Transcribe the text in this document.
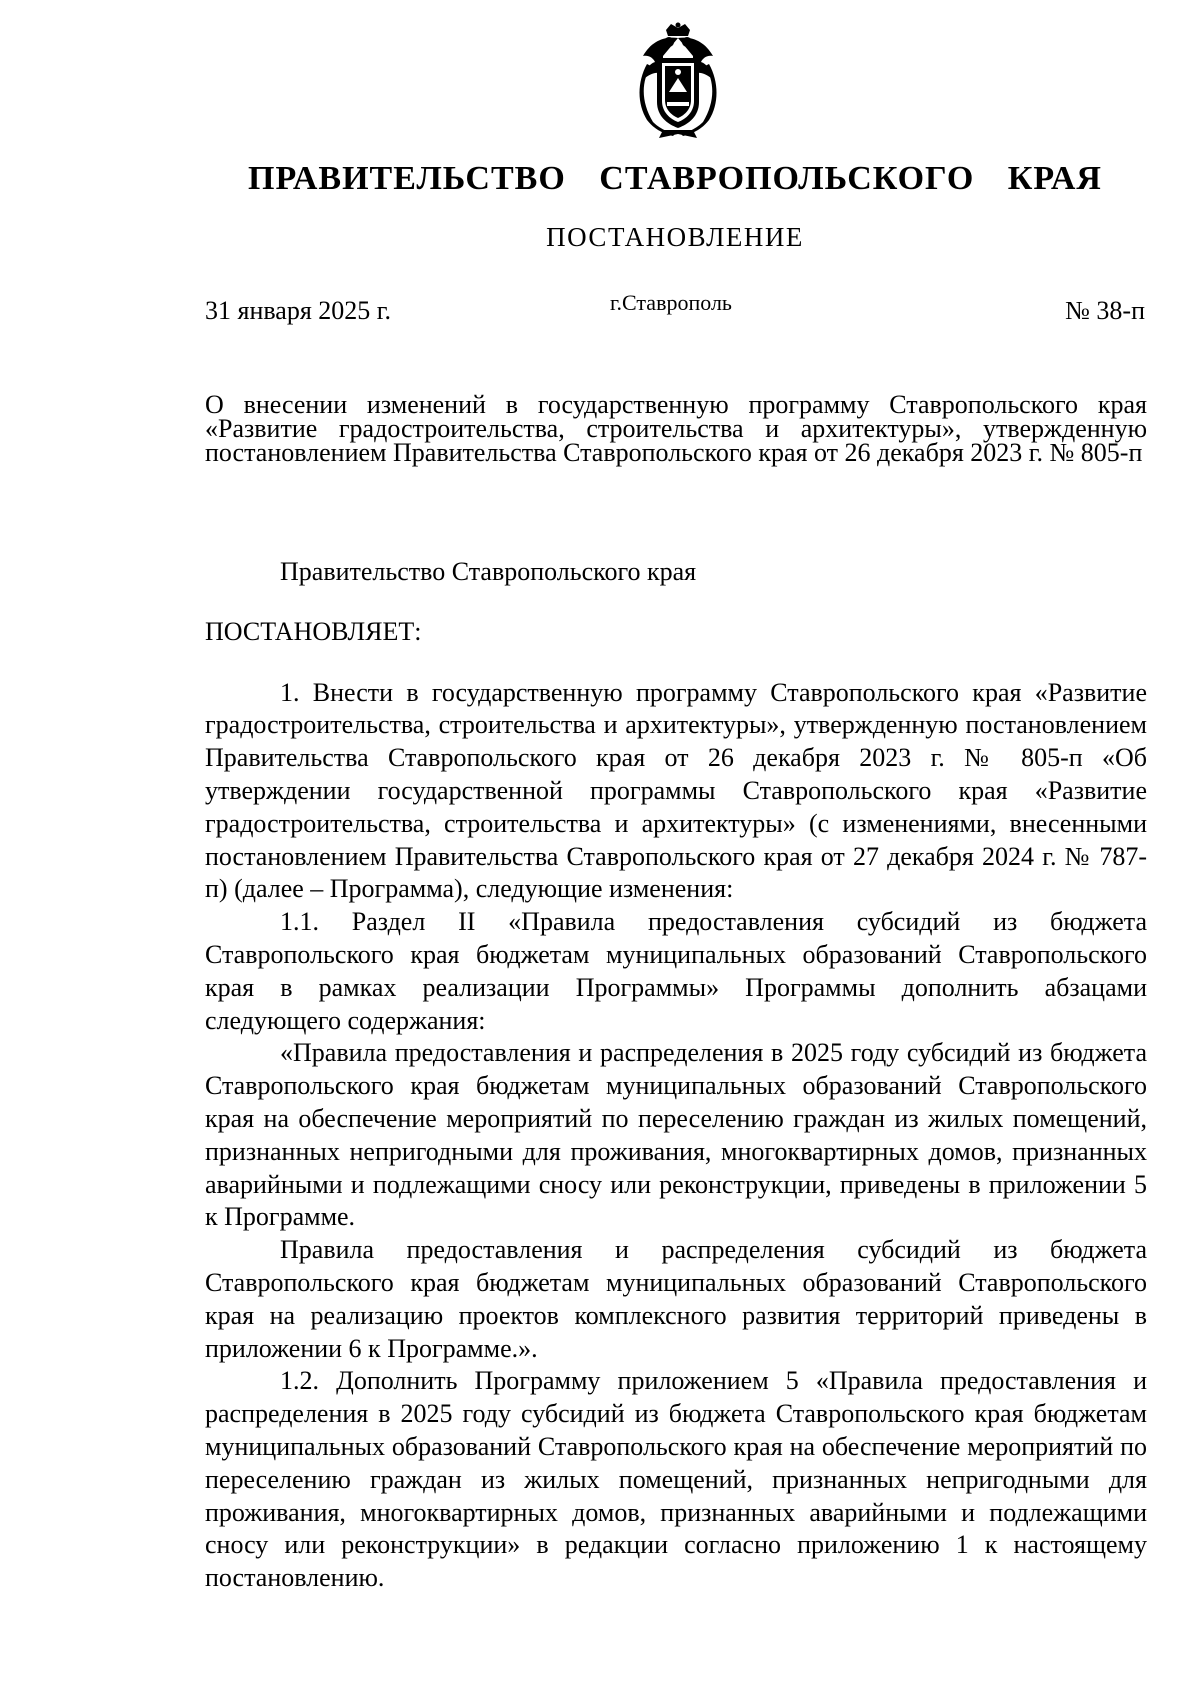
ПРАВИТЕЛЬСТВО СТАВРОПОЛЬСКОГО КРАЯ
ПОСТАНОВЛЕНИЕ
31 января 2025 г.	г.Ставрополь	№ 38-п
О внесении изменений в государственную программу Ставропольского края «Развитие градостроительства, строительства и архитектуры», утвержденную постановлением Правительства Ставропольского края от 26 декабря 2023 г. № 805-п

Правительство Ставропольского края

ПОСТАНОВЛЯЕТ:

1. Внести в государственную программу Ставропольского края «Развитие градостроительства, строительства и архитектуры», утвержденную постановлением Правительства Ставропольского края от 26 декабря 2023 г. № 805-п «Об утверждении государственной программы Ставропольского края «Развитие градостроительства, строительства и архитектуры» (с изменениями, внесенными постановлением Правительства Ставропольского края от 27 декабря 2024 г. № 787-п) (далее – Программа), следующие изменения:

1.1. Раздел II «Правила предоставления субсидий из бюджета Ставропольского края бюджетам муниципальных образований Ставропольского края в рамках реализации Программы» Программы дополнить абзацами следующего содержания:

«Правила предоставления и распределения в 2025 году субсидий из бюджета Ставропольского края бюджетам муниципальных образований Ставропольского края на обеспечение мероприятий по переселению граждан из жилых помещений, признанных непригодными для проживания, многоквартирных домов, признанных аварийными и подлежащими сносу или реконструкции, приведены в приложении 5 к Программе.

Правила предоставления и распределения субсидий из бюджета Ставропольского края бюджетам муниципальных образований Ставропольского края на реализацию проектов комплексного развития территорий приведены в приложении 6 к Программе.».

1.2. Дополнить Программу приложением 5 «Правила предоставления и распределения в 2025 году субсидий из бюджета Ставропольского края бюджетам муниципальных образований Ставропольского края на обеспечение мероприятий по переселению граждан из жилых помещений, признанных непригодными для проживания, многоквартирных домов, признанных аварийными и подлежащими сносу или реконструкции» в редакции согласно приложению 1 к настоящему постановлению.
